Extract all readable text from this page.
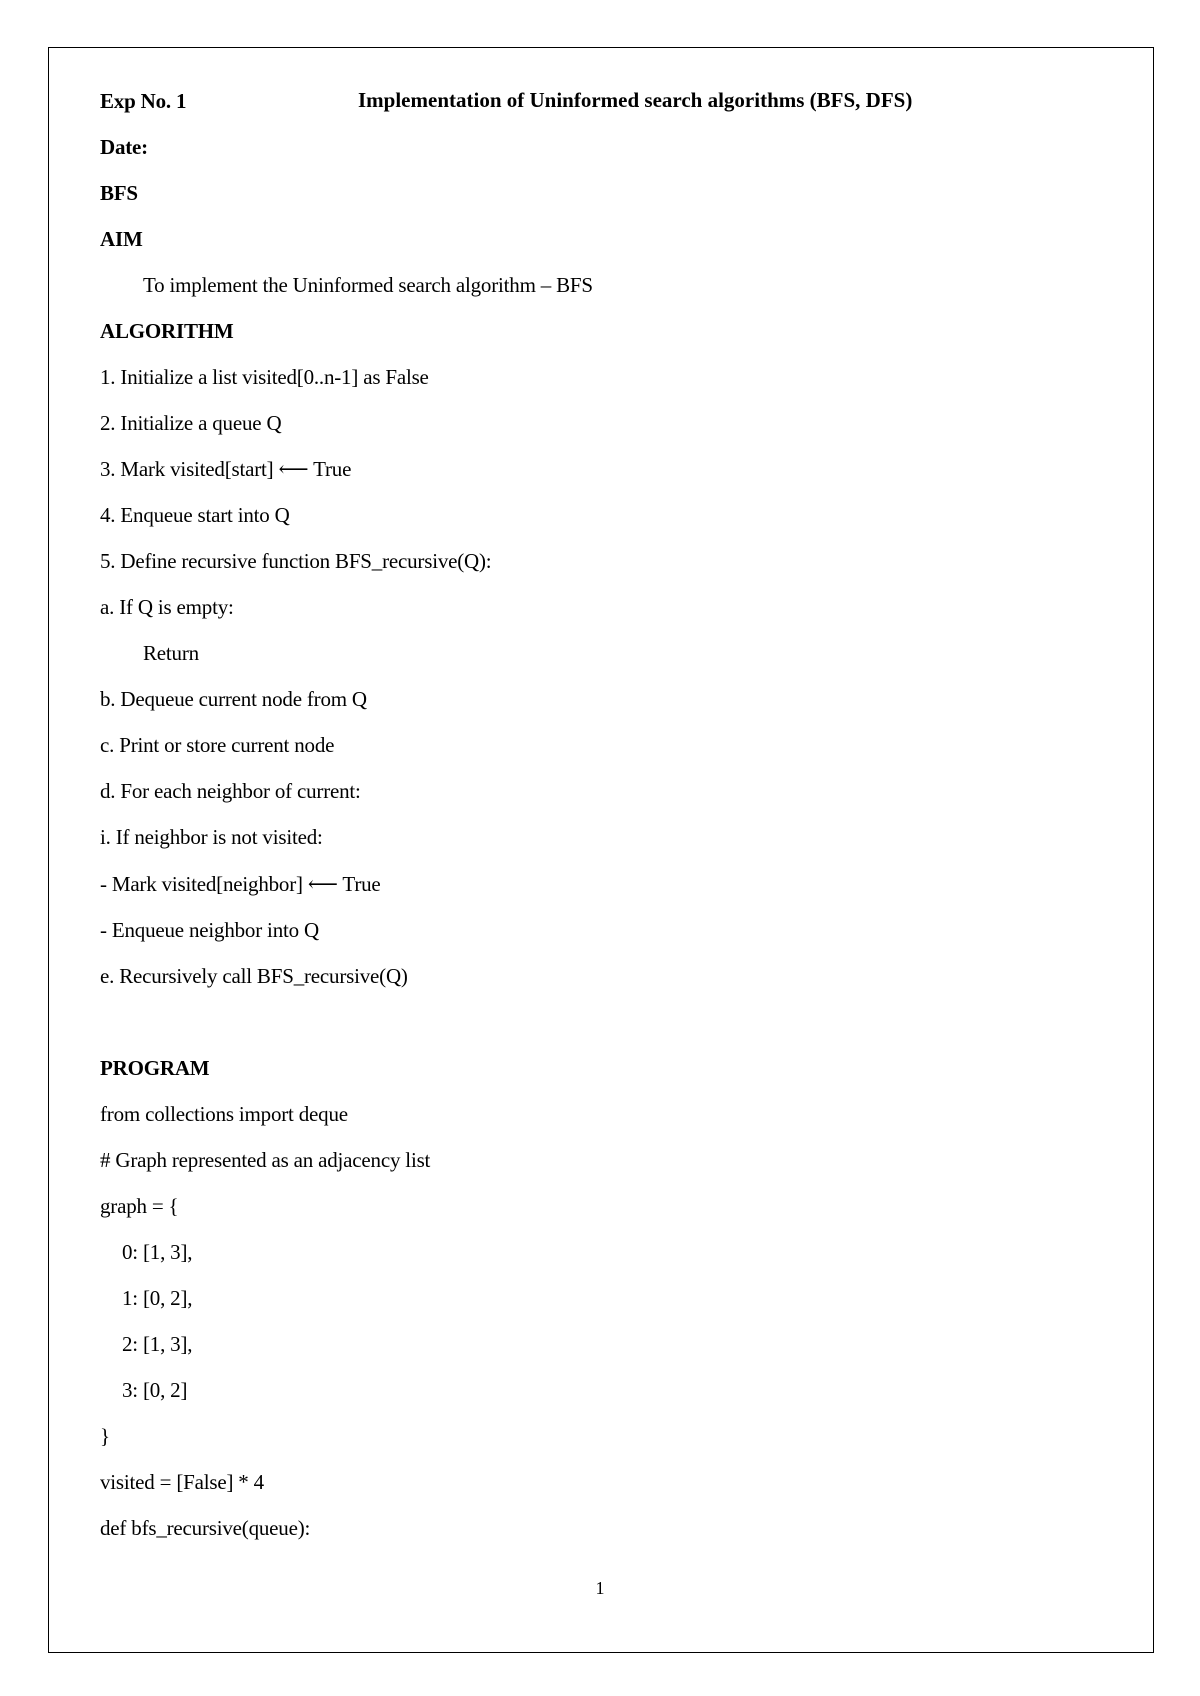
Exp No. 1	Implementation of Uninformed search algorithms (BFS, DFS)
Date:
BFS
AIM
To implement the Uninformed search algorithm – BFS
ALGORITHM
1. Initialize a list visited[0..n-1] as False
2. Initialize a queue Q
3. Mark visited[start] ⟵ True
4. Enqueue start into Q
5. Define recursive function BFS_recursive(Q):
a. If Q is empty:
Return
b. Dequeue current node from Q
c. Print or store current node
d. For each neighbor of current:
i. If neighbor is not visited:
- Mark visited[neighbor] ⟵ True
- Enqueue neighbor into Q
e. Recursively call BFS_recursive(Q)
PROGRAM
from collections import deque
# Graph represented as an adjacency list
graph = {
0: [1, 3],
1: [0, 2],
2: [1, 3],
3: [0, 2]
}
visited = [False] * 4
def bfs_recursive(queue):
1
